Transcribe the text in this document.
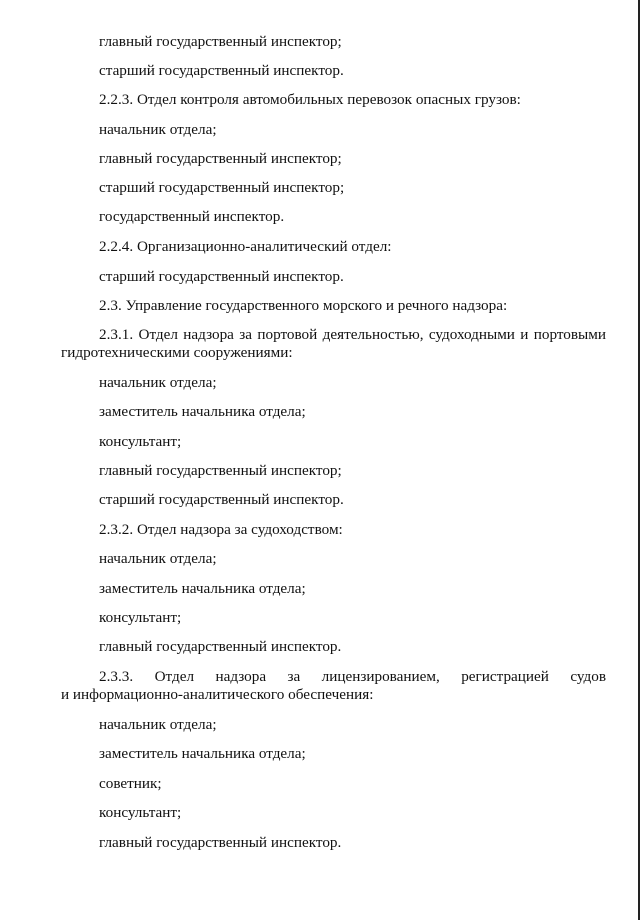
главный государственный инспектор;
старший государственный инспектор.
2.2.3. Отдел контроля автомобильных перевозок опасных грузов:
начальник отдела;
главный государственный инспектор;
старший государственный инспектор;
государственный инспектор.
2.2.4. Организационно-аналитический отдел:
старший государственный инспектор.
2.3. Управление государственного морского и речного надзора:
2.3.1. Отдел надзора за портовой деятельностью, судоходными и портовыми
гидротехническими сооружениями:
начальник отдела;
заместитель начальника отдела;
консультант;
главный государственный инспектор;
старший государственный инспектор.
2.3.2. Отдел надзора за судоходством:
начальник отдела;
заместитель начальника отдела;
консультант;
главный государственный инспектор.
2.3.3. Отдел надзора за лицензированием, регистрацией судов
и информационно-аналитического обеспечения:
начальник отдела;
заместитель начальника отдела;
советник;
консультант;
главный государственный инспектор.
